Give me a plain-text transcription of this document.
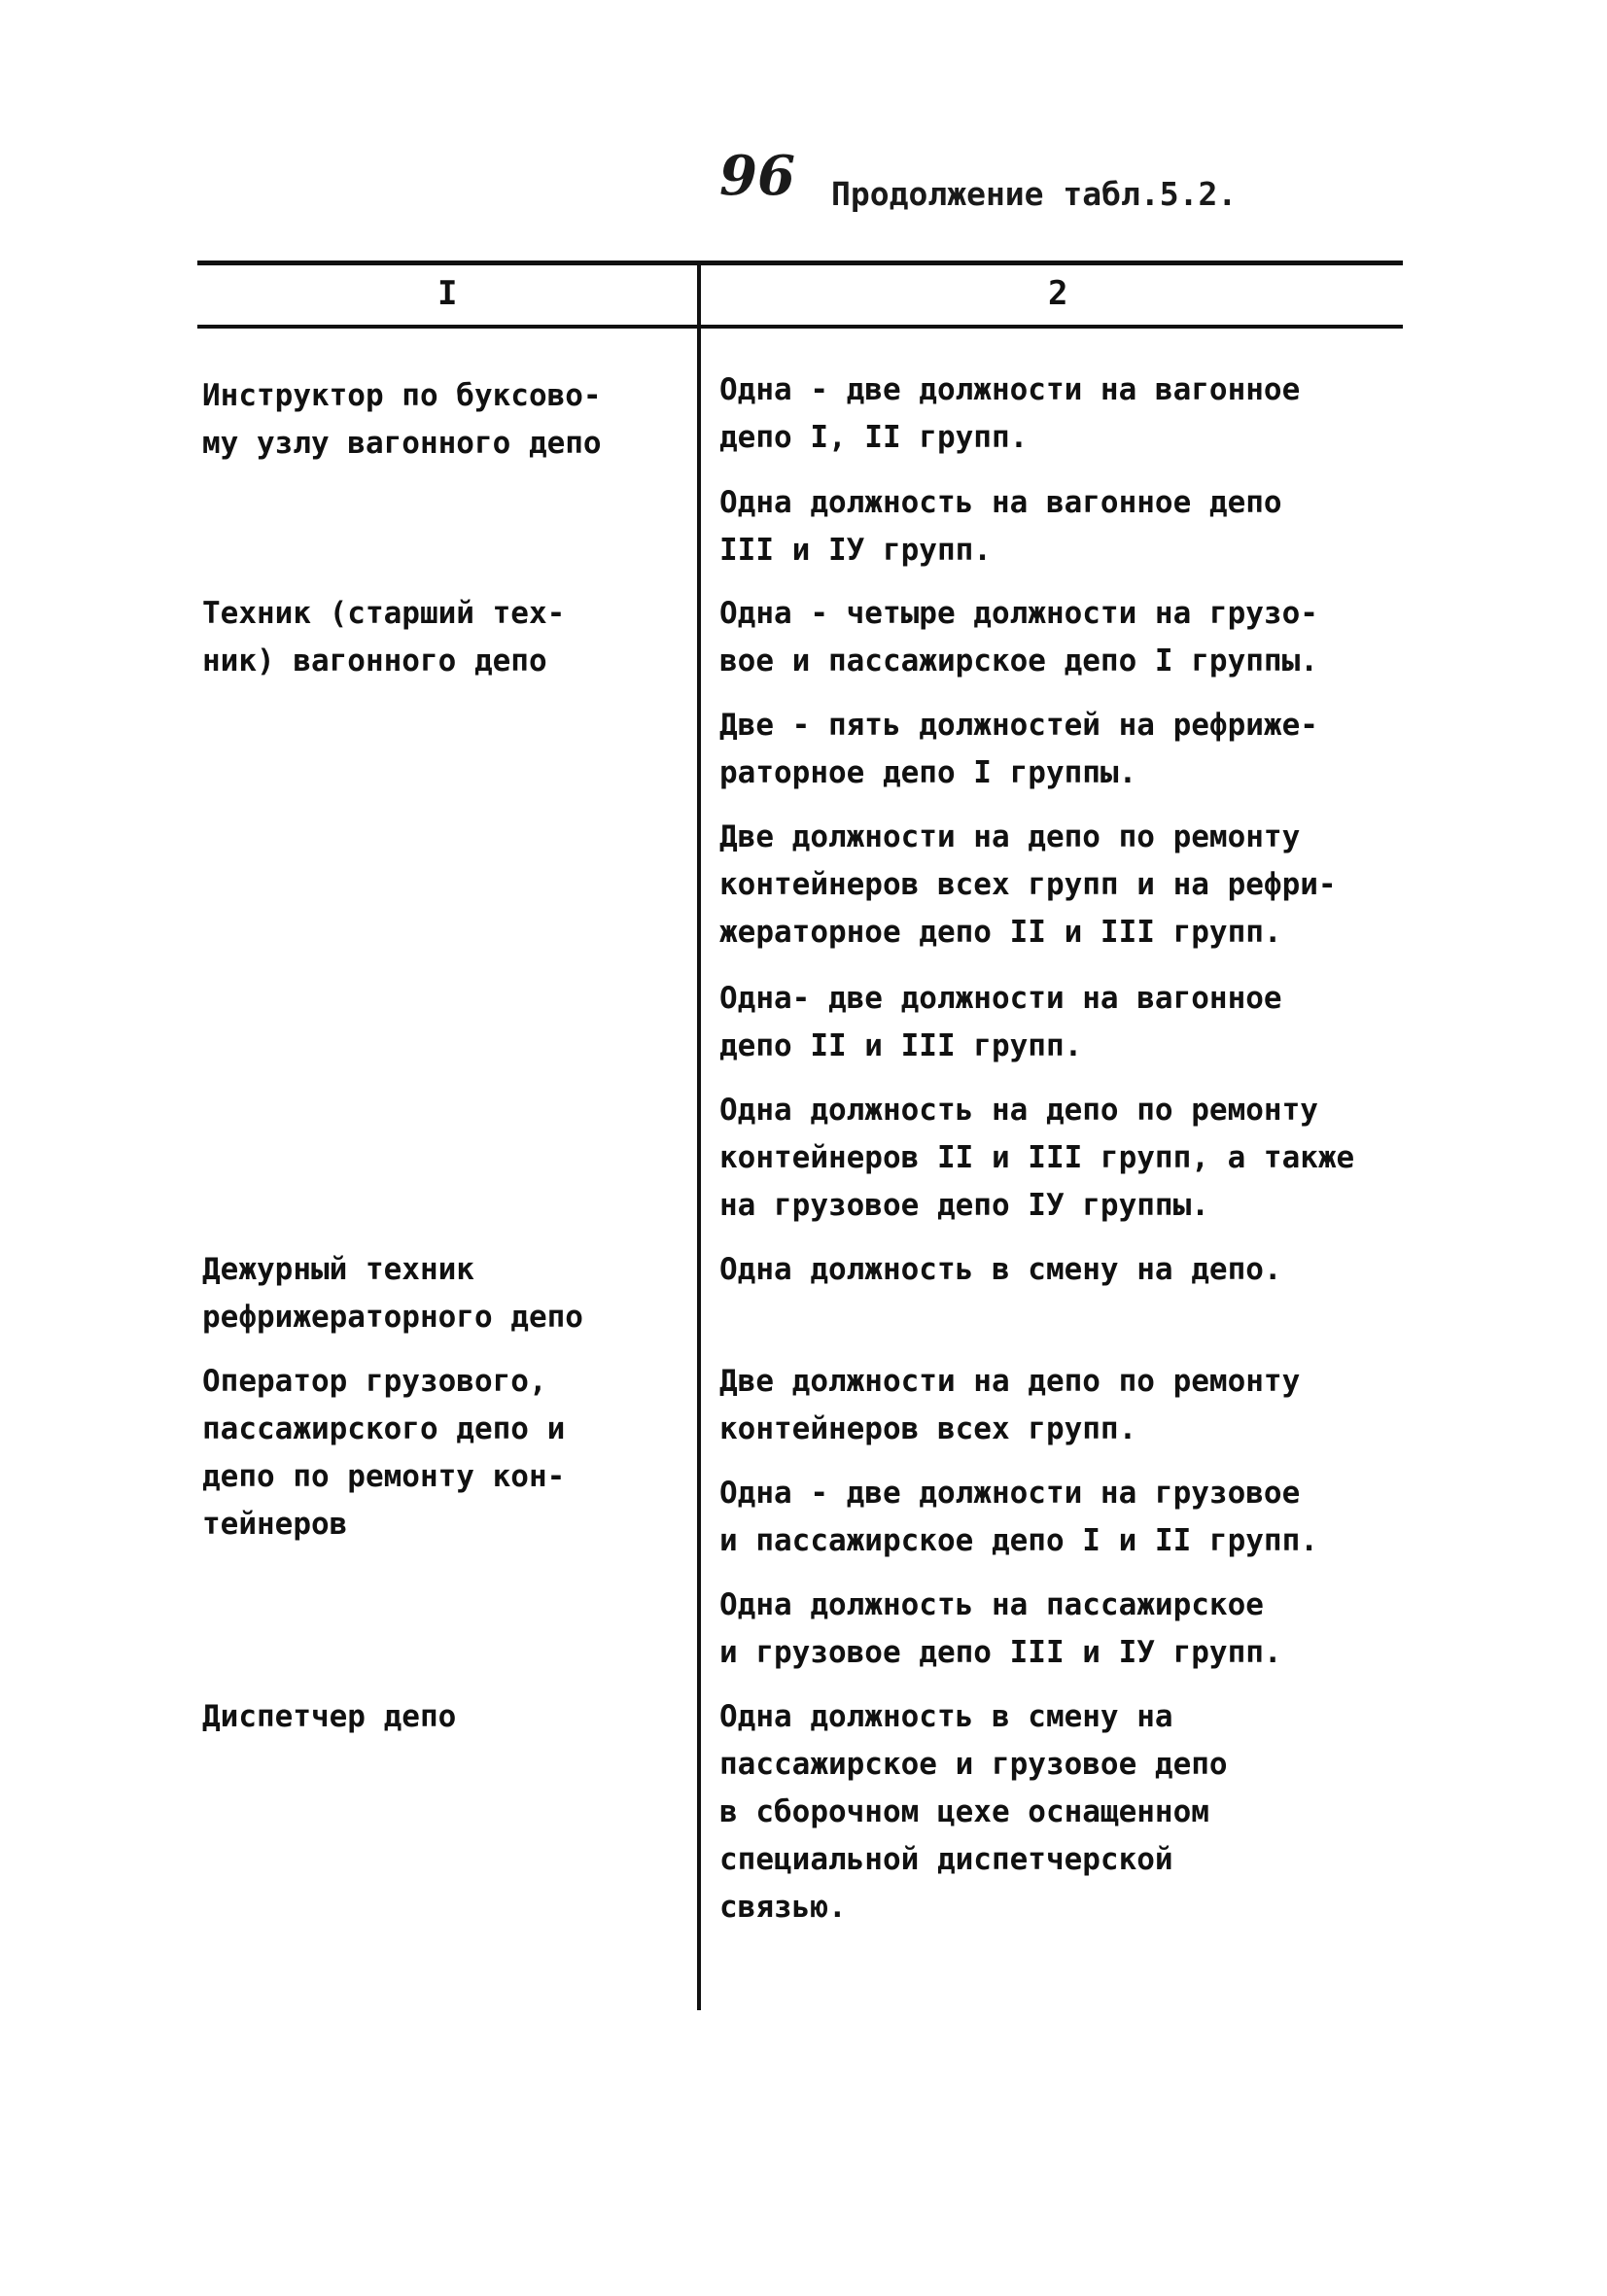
96 Продолжение табл.5.2.
I	2
Инструктор по буксово-
му узлу вагонного депо
Одна - две должности на вагонное
депо I, II групп.
Одна должность на вагонное депо
III и IУ групп.
Техник (старший тех-
ник) вагонного депо
Одна - четыре должности на грузо-
вое и пассажирское депо I группы.
Две - пять должностей на рефриже-
раторное депо I группы.
Две должности на депо по ремонту
контейнеров всех групп и на рефри-
жераторное депо II и III групп.
Одна- две должности на вагонное
депо II и III групп.
Одна должность на депо по ремонту
контейнеров II и III групп, а также
на грузовое депо IУ группы.
Дежурный техник
рефрижераторного депо
Одна должность в смену на депо.
Оператор грузового,
пассажирского депо и
депо по ремонту кон-
тейнеров
Две должности на депо по ремонту
контейнеров всех групп.
Одна - две должности на грузовое
и пассажирское депо I и II групп.
Одна должность на пассажирское
и грузовое депо III и IУ групп.
Диспетчер депо	Одна должность в смену на
пассажирское и грузовое депо
в сборочном цехе оснащенном
специальной диспетчерской
связью.
